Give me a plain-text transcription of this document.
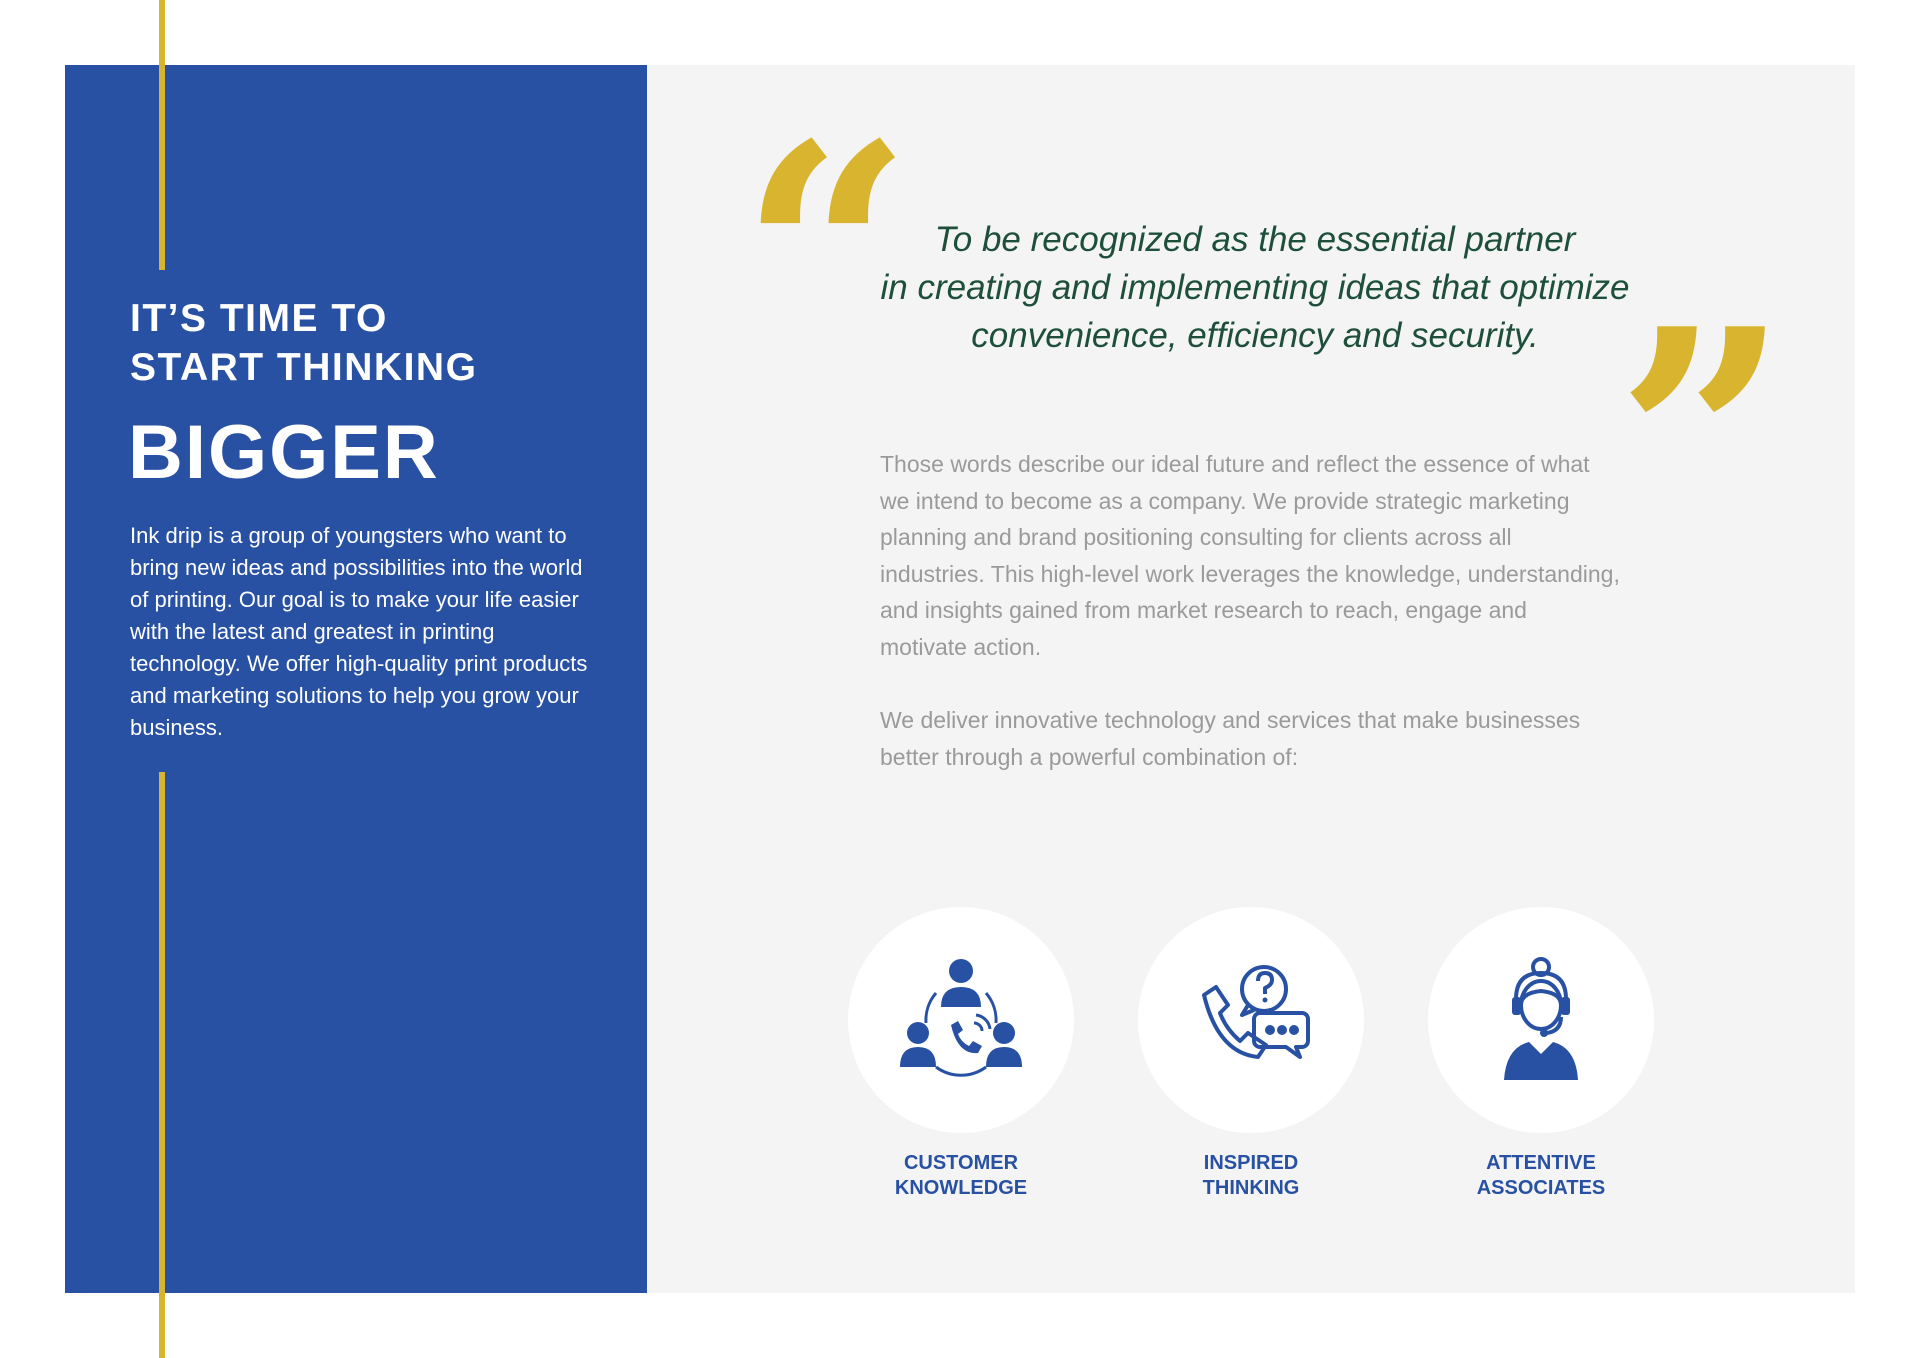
IT’S TIME TO
START THINKING
BIGGER
Ink drip is a group of youngsters who want to bring new ideas and possibilities into the world of printing. Our goal is to make your life easier with the latest and greatest in printing technology. We offer high-quality print products and marketing solutions to help you grow your business.
“
”
To be recognized as the essential partner
in creating and implementing ideas that optimize
convenience, efficiency and security.
Those words describe our ideal future and reflect the essence of what we intend to become as a company. We provide strategic marketing planning and brand positioning consulting for clients across all industries. This high-level work leverages the knowledge, understanding, and insights gained from market research to reach, engage and motivate action.
We deliver innovative technology and services that make businesses better through a powerful combination of:
CUSTOMER
KNOWLEDGE
INSPIRED
THINKING
ATTENTIVE
ASSOCIATES
